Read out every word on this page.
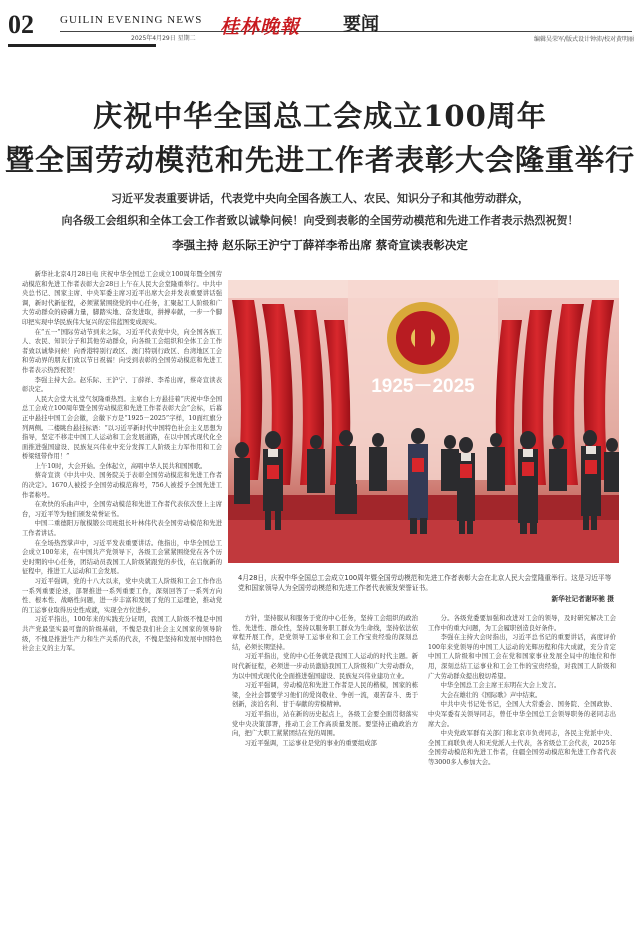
02 GUILIN EVENING NEWS
2025年4月29日 星期二
桂林晚報 要闻
编辑吴荣军/版式设计钟沛/校对黄明丽
庆祝中华全国总工会成立100周年
暨全国劳动模范和先进工作者表彰大会隆重举行
习近平发表重要讲话，代表党中央向全国各族工人、农民、知识分子和其他劳动群众，
向各级工会组织和全体工会工作者致以诚挚问候！向受到表彰的全国劳动模范和先进工作者表示热烈祝贺！
李强主持 赵乐际王沪宁丁薛祥李希出席 蔡奇宣读表彰决定

新华社北京4月28日电 庆祝中华全国总工会成立100周年暨全国劳动模范和先进工作者表彰大会28日上午在人民大会堂隆重举行。中共中央总书记、国家主席、中央军委主席习近平出席大会并发表重要讲话强调，新时代新征程，必须紧紧围绕党的中心任务，汇聚起工人阶级和广大劳动群众的磅礴力量，脚踏实地、奋发进取，拼搏奉献，一步一个脚印把实现中华民族伟大复兴的宏伟蓝图变成现实。

在“五一”国际劳动节到来之际，习近平代表党中央，向全国各族工人、农民、知识分子和其他劳动群众，向各级工会组织和全体工会工作者致以诚挚问候！向香港特别行政区、澳门特别行政区、台湾地区工会和劳动界的朋友们致以节日祝福！向受到表彰的全国劳动模范和先进工作者表示热烈祝贺！

李强主持大会。赵乐际、王沪宁、丁薛祥、李希出席，蔡奇宣读表彰决定。

人民大会堂大礼堂气氛隆重热烈。主席台上方悬挂着“庆祝中华全国总工会成立100周年暨全国劳动模范和先进工作者表彰大会”会标，后幕正中悬挂中国工会会徽，会徽下方是“1925－2025”字样，10面红旗分列两侧。二楼眺台悬挂标语：“以习近平新时代中国特色社会主义思想为指导，坚定不移走中国工人运动和工会发展道路，在以中国式现代化全面推进强国建设、民族复兴伟业中充分发挥工人阶级主力军作用和工会桥梁纽带作用！”

上午10时，大会开始。全体起立，高唱中华人民共和国国歌。

蔡奇宣读《中共中央、国务院关于表彰全国劳动模范和先进工作者的决定》。1670人被授予全国劳动模范称号，756人被授予全国先进工作者称号。

在欢快的乐曲声中，全国劳动模范和先进工作者代表依次登上主席台，习近平等为他们颁发荣誉证书。

中国二重德阳万航模锻公司班组长叶林伟代表全国劳动模范和先进工作者讲话。

在全场热烈掌声中，习近平发表重要讲话。他指出，中华全国总工会成立100年来，在中国共产党领导下，各级工会紧紧围绕党在各个历史时期的中心任务，团结动员我国工人阶级紧跟党的步伐，在启航新的征程中，推进工人运动和工会发展。

习近平强调，党的十八大以来，党中央就工人阶级和工会工作作出一系列重要论述，部署推进一系列重要工作，深刻回答了一系列方向性、根本性、战略性问题，进一步丰富和发展了党的工运理论，推动党的工运事业取得历史性成就，实现全方位进步。

习近平指出，100年来的实践充分证明，我国工人阶级不愧是中国共产党最坚实最可靠的阶级基础，不愧是我们社会主义国家的领导阶级，不愧是推进生产力和生产关系的代表，不愧是坚持和发展中国特色社会主义的主力军。

1925－2025
4月28日，庆祝中华全国总工会成立100周年暨全国劳动模范和先进工作者表彰大会在北京人民大会堂隆重举行。这是习近平等党和国家领导人为全国劳动模范和先进工作者代表颁发荣誉证书。
新华社记者谢环驰 摄

方针，坚持服从和服务于党的中心任务，坚持工会组织的政治性、先进性、群众性，坚持以服务职工群众为生命线，坚持依法依章程开展工作，是党领导工运事业和工会工作宝贵经验的深刻总结，必须长期坚持。

习近平指出，党的中心任务就是我国工人运动的时代主题。新时代新征程，必须进一步动员激励我国工人阶级和广大劳动群众，为以中国式现代化全面推进强国建设、民族复兴伟业建功立业。

习近平强调，劳动模范和先进工作者是人民的楷模，国家的栋梁，全社会都要学习他们的爱岗敬业、争创一流，艰苦奋斗、勇于创新，淡泊名利、甘于奉献的劳模精神。

习近平指出，站在新的历史起点上，各级工会要全面贯彻落实党中央决策部署，推动工会工作高质量发展。要坚持正确政治方向，把广大职工紧紧团结在党的周围。

习近平强调，工运事业是党的事业的重要组成部

分。各级党委要加强和改进对工会的领导，及时研究解决工会工作中的重大问题，为工会履职创造良好条件。

李强在主持大会时指出，习近平总书记的重要讲话，高度评价100年来党领导的中国工人运动的光辉历程和伟大成就，充分肯定中国工人阶级和中国工会在党和国家事业发展全局中的地位和作用，深刻总结工运事业和工会工作的宝贵经验，对我国工人阶级和广大劳动群众提出殷切希望。

中华全国总工会主席王东明在大会上发言。

大会在雄壮的《国际歌》声中结束。

中共中央书记处书记，全国人大常委会、国务院、全国政协、中央军委有关领导同志，曾任中华全国总工会领导职务的老同志出席大会。

中央党政军群有关部门和北京市负责同志，各民主党派中央、全国工商联负责人和无党派人士代表，各省级总工会代表，2025年全国劳动模范和先进工作者，住疆全国劳动模范和先进工作者代表等3000多人参加大会。
